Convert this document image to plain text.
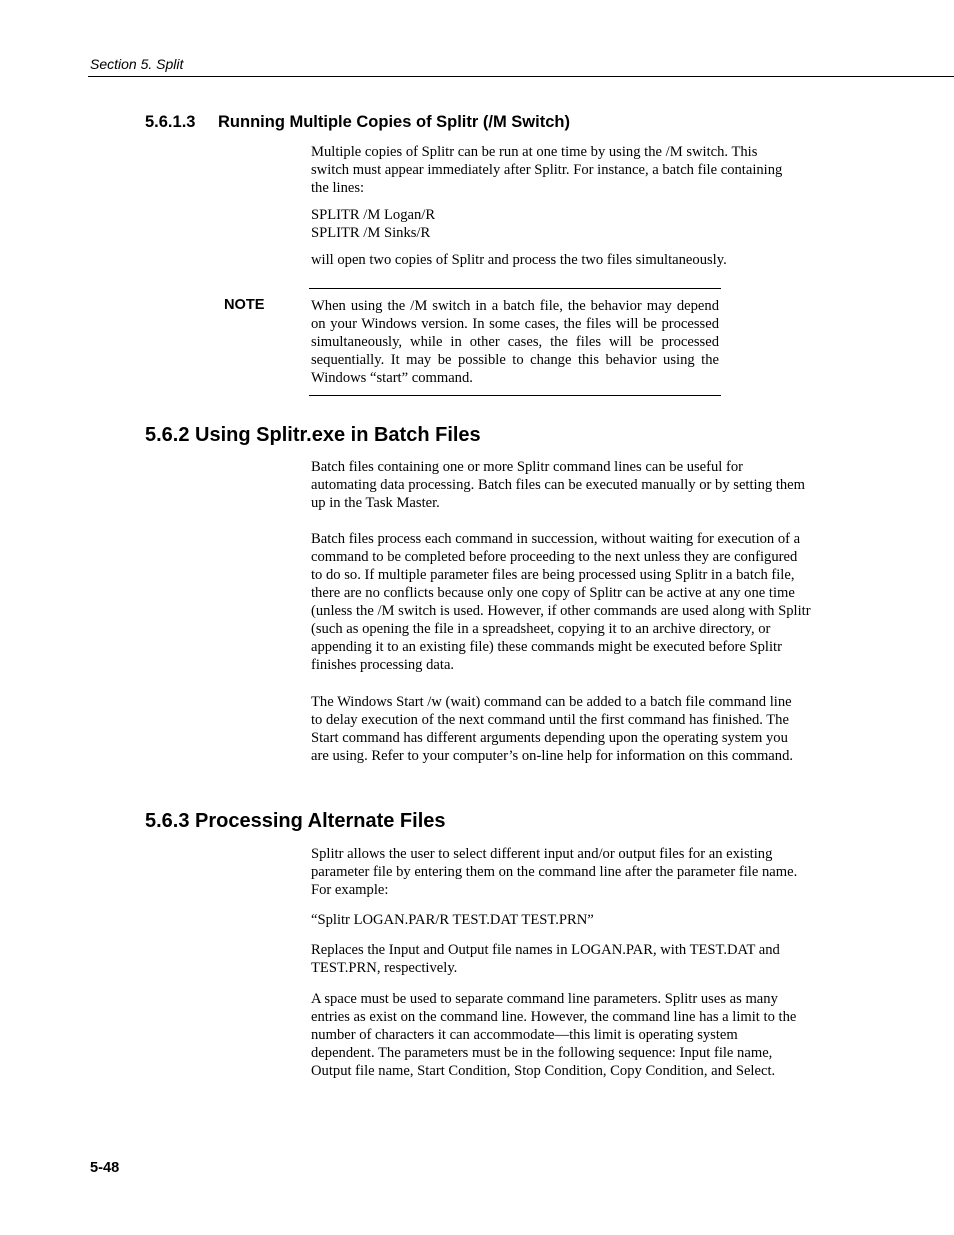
Section 5. Split
5.6.1.3 Running Multiple Copies of Splitr (/M Switch)
Multiple copies of Splitr can be run at one time by using the /M switch. This switch must appear immediately after Splitr. For instance, a batch file containing the lines:
SPLITR /M Logan/R
SPLITR /M Sinks/R
will open two copies of Splitr and process the two files simultaneously.
NOTE	When using the /M switch in a batch file, the behavior may depend on your Windows version. In some cases, the files will be processed simultaneously, while in other cases, the files will be processed sequentially. It may be possible to change this behavior using the Windows “start” command.
5.6.2 Using Splitr.exe in Batch Files
Batch files containing one or more Splitr command lines can be useful for automating data processing. Batch files can be executed manually or by setting them up in the Task Master.
Batch files process each command in succession, without waiting for execution of a command to be completed before proceeding to the next unless they are configured to do so. If multiple parameter files are being processed using Splitr in a batch file, there are no conflicts because only one copy of Splitr can be active at any one time (unless the /M switch is used. However, if other commands are used along with Splitr (such as opening the file in a spreadsheet, copying it to an archive directory, or appending it to an existing file) these commands might be executed before Splitr finishes processing data.
The Windows Start /w (wait) command can be added to a batch file command line to delay execution of the next command until the first command has finished. The Start command has different arguments depending upon the operating system you are using. Refer to your computer’s on-line help for information on this command.
5.6.3 Processing Alternate Files
Splitr allows the user to select different input and/or output files for an existing parameter file by entering them on the command line after the parameter file name. For example:
“Splitr LOGAN.PAR/R TEST.DAT TEST.PRN”
Replaces the Input and Output file names in LOGAN.PAR, with TEST.DAT and TEST.PRN, respectively.
A space must be used to separate command line parameters. Splitr uses as many entries as exist on the command line. However, the command line has a limit to the number of characters it can accommodate—this limit is operating system dependent. The parameters must be in the following sequence: Input file name, Output file name, Start Condition, Stop Condition, Copy Condition, and Select.
5-48
